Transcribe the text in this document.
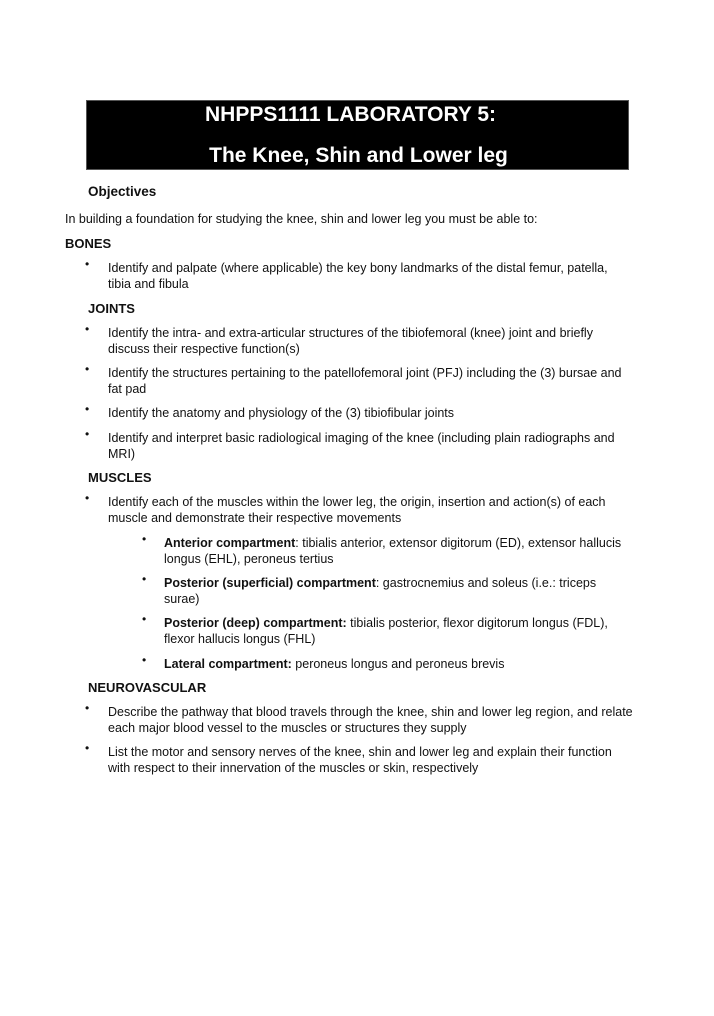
NHPPS1111 LABORATORY 5:
The Knee, Shin and Lower leg
Objectives
In building a foundation for studying the knee, shin and lower leg you must be able to:
BONES
• Identify and palpate (where applicable) the key bony landmarks of the distal femur, patella, tibia and fibula
JOINTS
• Identify the intra- and extra-articular structures of the tibiofemoral (knee) joint and briefly discuss their respective function(s)
• Identify the structures pertaining to the patellofemoral joint (PFJ) including the (3) bursae and fat pad
• Identify the anatomy and physiology of the (3) tibiofibular joints
• Identify and interpret basic radiological imaging of the knee (including plain radiographs and MRI)
MUSCLES
• Identify each of the muscles within the lower leg, the origin, insertion and action(s) of each muscle and demonstrate their respective movements
• Anterior compartment: tibialis anterior, extensor digitorum (ED), extensor hallucis longus (EHL), peroneus tertius
• Posterior (superficial) compartment: gastrocnemius and soleus (i.e.: triceps surae)
• Posterior (deep) compartment: tibialis posterior, flexor digitorum longus (FDL), flexor hallucis longus (FHL)
• Lateral compartment: peroneus longus and peroneus brevis
NEUROVASCULAR
• Describe the pathway that blood travels through the knee, shin and lower leg region, and relate each major blood vessel to the muscles or structures they supply
• List the motor and sensory nerves of the knee, shin and lower leg and explain their function with respect to their innervation of the muscles or skin, respectively
